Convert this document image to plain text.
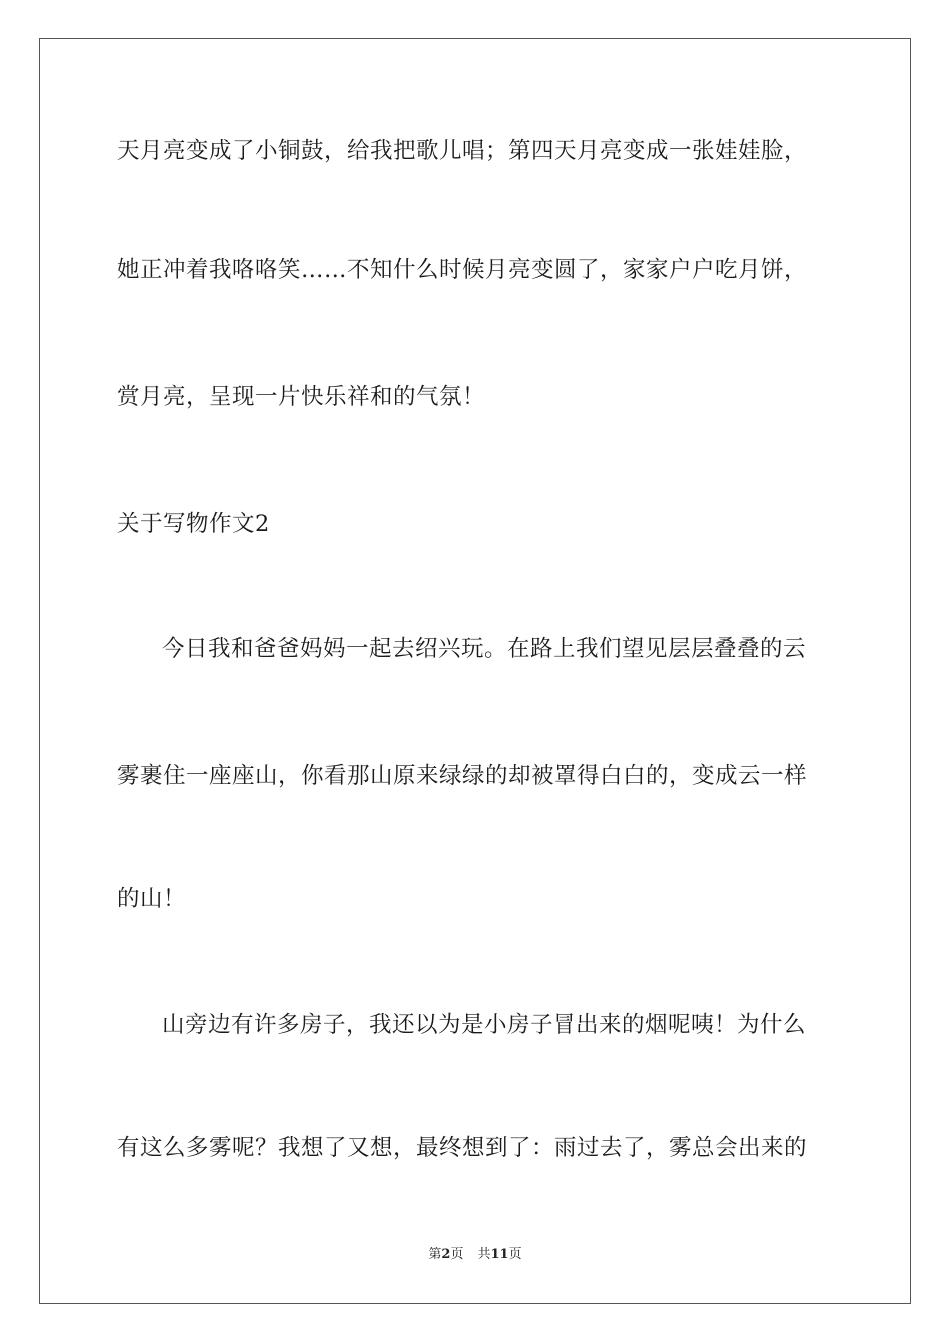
天月亮变成了小铜鼓，给我把歌儿唱；第四天月亮变成一张娃娃脸，
她正冲着我咯咯笑……不知什么时候月亮变圆了，家家户户吃月饼，
赏月亮，呈现一片快乐祥和的气氛！
关于写物作文2
今日我和爸爸妈妈一起去绍兴玩。在路上我们望见层层叠叠的云
雾裹住一座座山，你看那山原来绿绿的却被罩得白白的，变成云一样
的山！
山旁边有许多房子，我还以为是小房子冒出来的烟呢咦！为什么
有这么多雾呢？我想了又想，最终想到了：雨过去了，雾总会出来的
第2页 共11页
